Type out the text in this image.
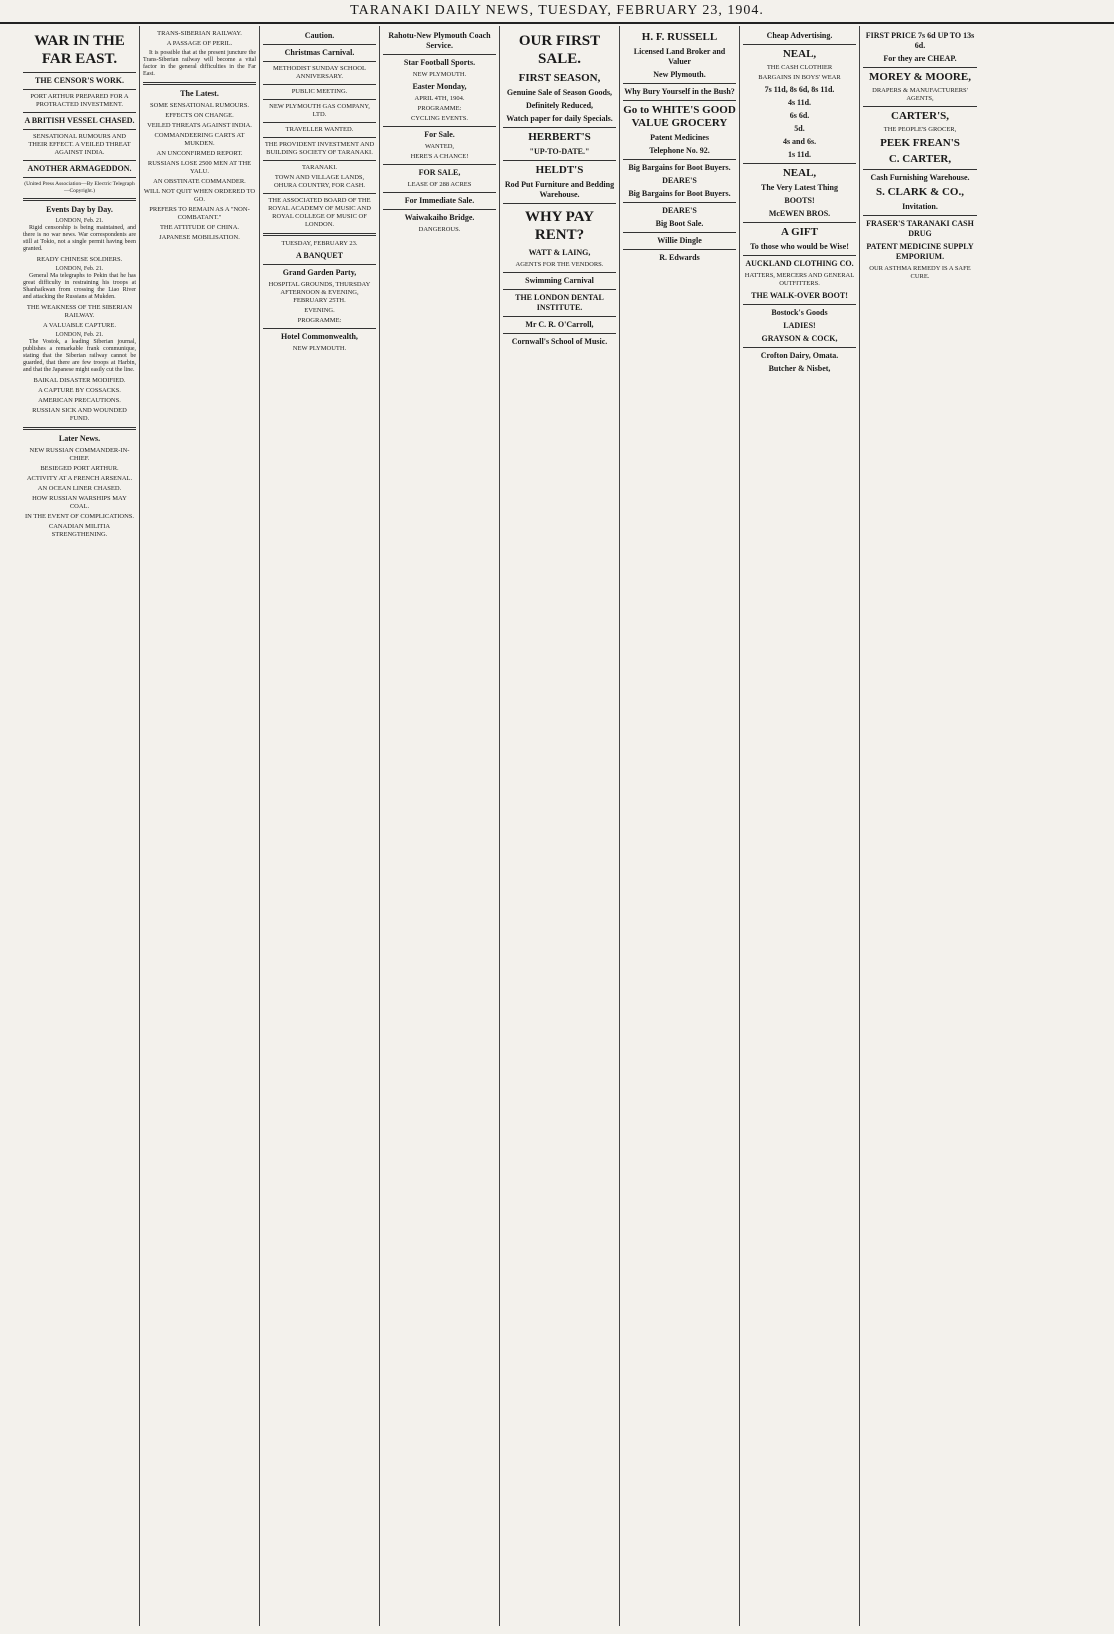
TARANAKI DAILY NEWS, TUESDAY, FEBRUARY 23, 1904.
WAR IN THE FAR EAST.
THE CENSOR'S WORK.
PORT ARTHUR PREPARED FOR A PROTRACTED INVESTMENT.
A BRITISH VESSEL CHASED.
SENSATIONAL RUMOURS AND THEIR EFFECT. A VEILED THREAT AGAINST INDIA.
ANOTHER ARMAGEDDON.
(United Press Association—By Electric Telegraph—Copyright.)
Events Day by Day.
LONDON, Feb. 21.
Rigid censorship is being maintained, and there is no war news. War correspondents are still at Tokio, not a single permit having been granted.
READY CHINESE SOLDIERS.
LONDON, Feb. 21.
General Ma telegraphs to Pekin that he has great difficulty in restraining his troops at Shanhaikwan from crossing the Liao River and attacking the Russians at Mukden.
THE WEAKNESS OF THE SIBERIAN RAILWAY.
A VALUABLE CAPTURE.
LONDON, Feb. 21.
The Vostok, a leading Siberian journal, publishes a remarkable frank communique, stating that the Siberian railway cannot be guarded, that there are few troops at Harbin, and that the Japanese might easily cut the line.
BAIKAL DISASTER MODIFIED.
A CAPTURE BY COSSACKS.
AMERICAN PRECAUTIONS.
RUSSIAN SICK AND WOUNDED FUND.
Later News.
NEW RUSSIAN COMMANDER-IN-CHIEF.
BESIEGED PORT ARTHUR.
ACTIVITY AT A FRENCH ARSENAL.
AN OCEAN LINER CHASED.
HOW RUSSIAN WARSHIPS MAY COAL.
IN THE EVENT OF COMPLICATIONS.
CANADIAN MILITIA STRENGTHENING.
TRANS-SIBERIAN RAILWAY.
A PASSAGE OF PERIL.
It is possible that at the present juncture the Trans-Siberian railway will become a vital factor in the general difficulties in the Far East.
The Latest.
SOME SENSATIONAL RUMOURS.
EFFECTS ON CHANGE.
VEILED THREATS AGAINST INDIA.
COMMANDEERING CARTS AT MUKDEN.
AN UNCONFIRMED REPORT.
RUSSIANS LOSE 2500 MEN AT THE YALU.
AN OBSTINATE COMMANDER.
WILL NOT QUIT WHEN ORDERED TO GO.
PREFERS TO REMAIN AS A "NON-COMBATANT."
THE ATTITUDE OF CHINA.
JAPANESE MOBILISATION.
Caution.
Christmas Carnival.
METHODIST SUNDAY SCHOOL ANNIVERSARY.
PUBLIC MEETING.
NEW PLYMOUTH GAS COMPANY, LTD.
TRAVELLER WANTED.
THE PROVIDENT INVESTMENT AND BUILDING SOCIETY OF TARANAKI.
TARANAKI.
TOWN AND VILLAGE LANDS, OHURA COUNTRY, FOR CASH.
THE ASSOCIATED BOARD OF THE ROYAL ACADEMY OF MUSIC AND ROYAL COLLEGE OF MUSIC OF LONDON.
TUESDAY, FEBRUARY 23.
A BANQUET
Grand Garden Party,
HOSPITAL GROUNDS, THURSDAY AFTERNOON & EVENING, FEBRUARY 25TH.
EVENING.
PROGRAMME:
Hotel Commonwealth,
NEW PLYMOUTH.
Rahotu-New Plymouth Coach Service.
Star Football Sports.
NEW PLYMOUTH.
Easter Monday,
APRIL 4TH, 1904.
PROGRAMME:
CYCLING EVENTS.
For Sale.
WANTED,
HERE'S A CHANCE!
FOR SALE,
LEASE OF 288 ACRES
For Immediate Sale.
Waiwakaiho Bridge.
DANGEROUS.
OUR FIRST SALE.
FIRST SEASON,
Genuine Sale of Season Goods,
Definitely Reduced,
Watch paper for daily Specials.
HERBERT'S
"UP-TO-DATE."
HELDT'S
Rod Put Furniture and Bedding Warehouse.
WHY PAY RENT?
WATT & LAING,
AGENTS FOR THE VENDORS.
Swimming Carnival
THE LONDON DENTAL INSTITUTE.
Mr C. R. O'Carroll,
Cornwall's School of Music.
H. F. RUSSELL
Licensed Land Broker and Valuer
New Plymouth.
Why Bury Yourself in the Bush?
Go to WHITE'S GOOD VALUE GROCERY
Patent Medicines
Telephone No. 92.
Big Bargains for Boot Buyers.
DEARE'S
Big Bargains for Boot Buyers.
DEARE'S
Big Boot Sale.
Willie Dingle
R. Edwards
Cheap Advertising.
NEAL,
THE CASH CLOTHIER
BARGAINS IN BOYS' WEAR
7s 11d, 8s 6d, 8s 11d.
4s 11d.
6s 6d.
5d.
4s and 6s.
1s 11d.
NEAL,
The Very Latest Thing
BOOTS!
McEWEN BROS.
A GIFT
To those who would be Wise!
AUCKLAND CLOTHING CO.
HATTERS, MERCERS AND GENERAL OUTFITTERS.
THE WALK-OVER BOOT!
Bostock's Goods
LADIES!
GRAYSON & COCK,
Crofton Dairy, Omata.
Butcher & Nisbet,
FIRST PRICE 7s 6d UP TO 13s 6d.
For they are CHEAP.
MOREY & MOORE,
DRAPERS & MANUFACTURERS' AGENTS,
CARTER'S,
THE PEOPLE'S GROCER,
PEEK FREAN'S
C. CARTER,
Cash Furnishing Warehouse.
S. CLARK & CO.,
Invitation.
FRASER'S TARANAKI CASH DRUG
PATENT MEDICINE SUPPLY EMPORIUM.
OUR ASTHMA REMEDY IS A SAFE CURE.
